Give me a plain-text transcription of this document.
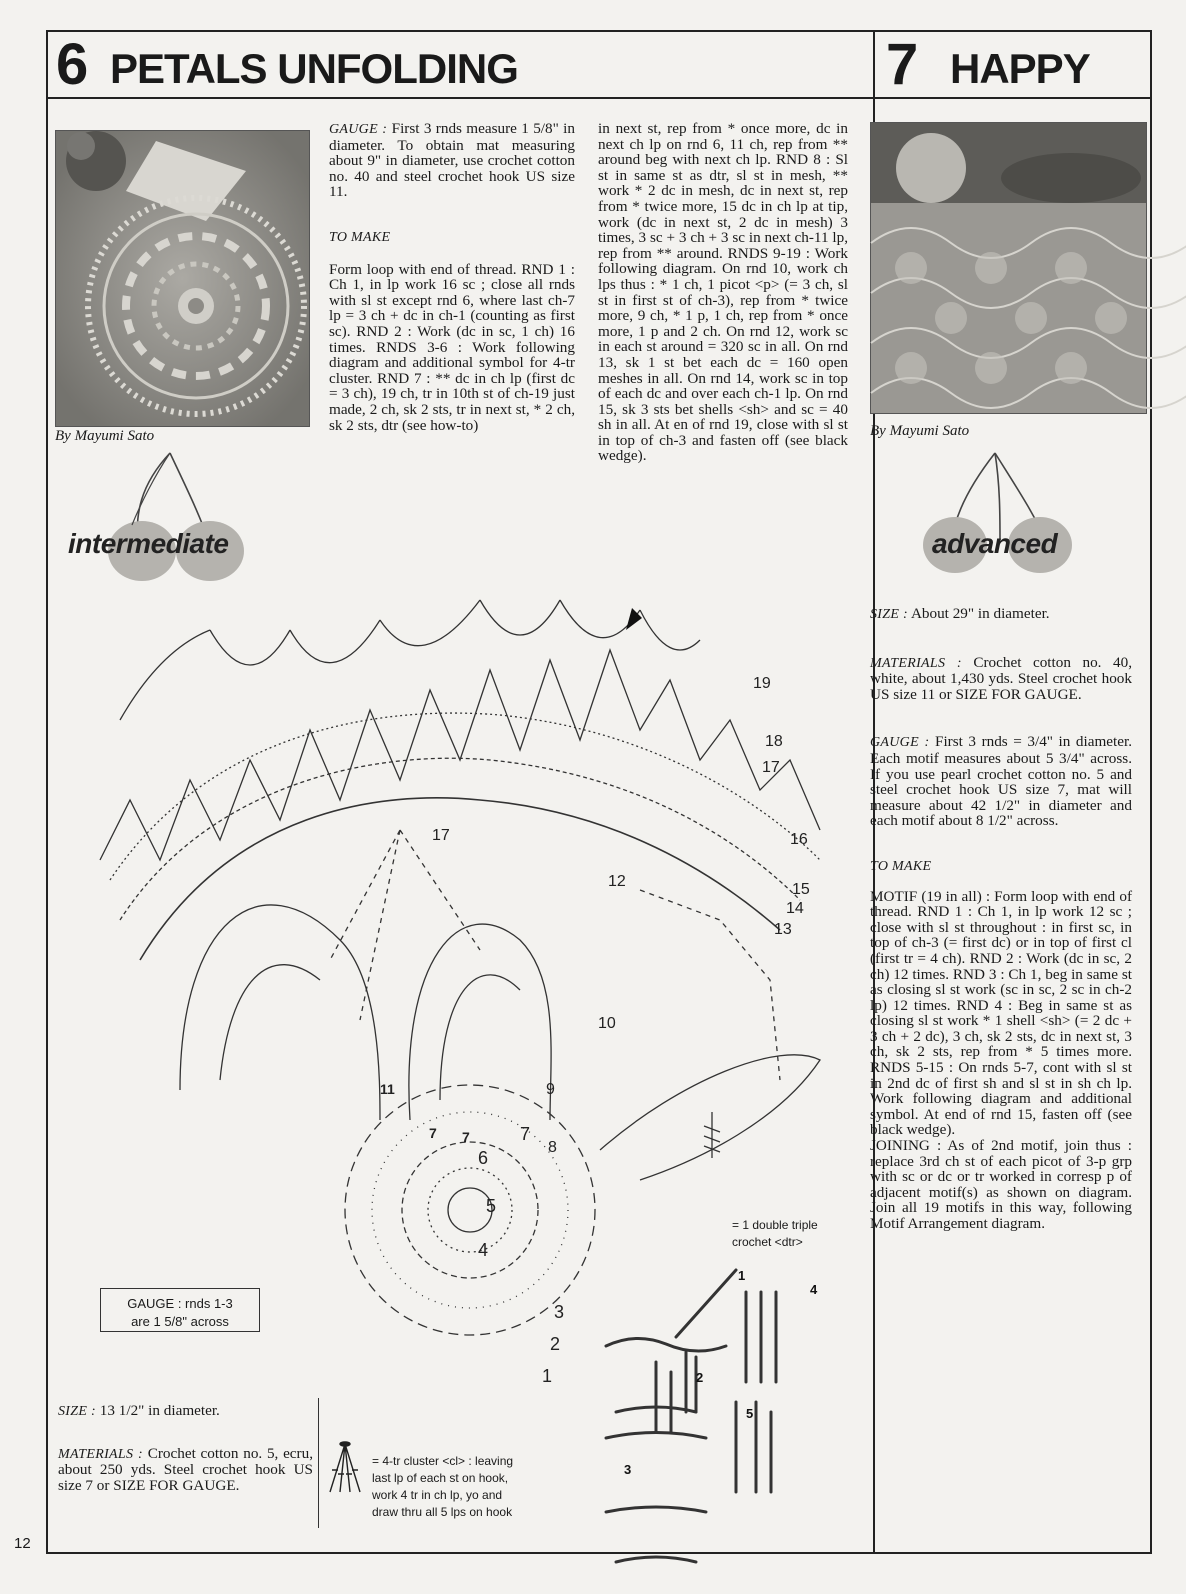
6 PETALS UNFOLDING	7 HAPPY
By Mayumi Sato
intermediate

GAUGE : First 3 rnds measure 1 5/8" in diameter. To obtain mat measuring about 9" in diameter, use crochet cotton no. 40 and steel crochet hook US size 11.

TO MAKE

Form loop with end of thread. RND 1 : Ch 1, in lp work 16 sc ; close all rnds with sl st except rnd 6, where last ch-7 lp = 3 ch + dc in ch-1 (counting as first sc). RND 2 : Work (dc in sc, 1 ch) 16 times. RNDS 3-6 : Work following diagram and additional symbol for 4-tr cluster. RND 7 : ** dc in ch lp (first dc = 3 ch), 19 ch, tr in 10th st of ch-19 just made, 2 ch, sk 2 sts, tr in next st, * 2 ch, sk 2 sts, dtr (see how-to)

in next st, rep from * once more, dc in next ch lp on rnd 6, 11 ch, rep from ** around beg with next ch lp. RND 8 : Sl st in same st as dtr, sl st in mesh, ** work * 2 dc in mesh, dc in next st, rep from * twice more, 15 dc in ch lp at tip, work (dc in next st, 2 dc in mesh) 3 times, 3 sc + 3 ch + 3 sc in next ch-11 lp, rep from ** around. RNDS 9-19 : Work following diagram. On rnd 10, work ch lps thus : * 1 ch, 1 picot <p> (= 3 ch, sl st in first st of ch-3), rep from * twice more, 9 ch, * 1 p, 1 ch, rep from * once more, 1 p and 2 ch. On rnd 12, work sc in each st around = 320 sc in all. On rnd 13, sk 1 st bet each dc = 160 open meshes in all. On rnd 14, work sc in top of each dc and over each ch-1 lp. On rnd 15, sk 3 sts bet shells <sh> and sc = 40 sh in all. At en of rnd 19, close with sl st in top of ch-3 and fasten off (see black wedge).

By Mayumi Sato
advanced

SIZE : About 29" in diameter.

MATERIALS : Crochet cotton no. 40, white, about 1,430 yds. Steel crochet hook US size 11 or SIZE FOR GAUGE.

GAUGE : First 3 rnds = 3/4" in diameter. Each motif measures about 5 3/4" across. If you use pearl crochet cotton no. 5 and steel crochet hook US size 7, mat will measure about 42 1/2" in diameter and each motif about 8 1/2" across.

TO MAKE

MOTIF (19 in all) : Form loop with end of thread. RND 1 : Ch 1, in lp work 12 sc ; close with sl st throughout : in first sc, in top of ch-3 (= first dc) or in top of first cl (first tr = 4 ch). RND 2 : Work (dc in sc, 2 ch) 12 times. RND 3 : Ch 1, beg in same st as closing sl st work (sc in sc, 2 sc in ch-2 lp) 12 times. RND 4 : Beg in same st as closing sl st work * 1 shell <sh> (= 2 dc + 3 ch + 2 dc), 3 ch, sk 2 sts, dc in next st, 3 ch, sk 2 sts, rep from * 5 times more. RNDS 5-15 : On rnds 5-7, cont with sl st in 2nd dc of first sh and sl st in sh ch lp. Work following diagram and additional symbol. At end of rnd 15, fasten off (see black wedge).

JOINING : As of 2nd motif, join thus : replace 3rd ch st of each picot of 3-p grp with sc or dc or tr worked in corresp p of adjacent motif(s) as shown on diagram. Join all 19 motifs in this way, following Motif Arrangement diagram.

19
18
17
16
15
14
13
12
11
10
9
8
7
6
5
4
3
2
1
17
7 7
= 1 double triple
crochet <dtr>
GAUGE : rnds 1-3
are 1 5/8" across

SIZE : 13 1/2" in diameter.

MATERIALS : Crochet cotton no. 5, ecru, about 250 yds. Steel crochet hook US size 7 or SIZE FOR GAUGE.

= 4-tr cluster <cl> : leaving
last lp of each st on hook,
work 4 tr in ch lp, yo and
draw thru all 5 lps on hook
1
2
3
4
5
12
